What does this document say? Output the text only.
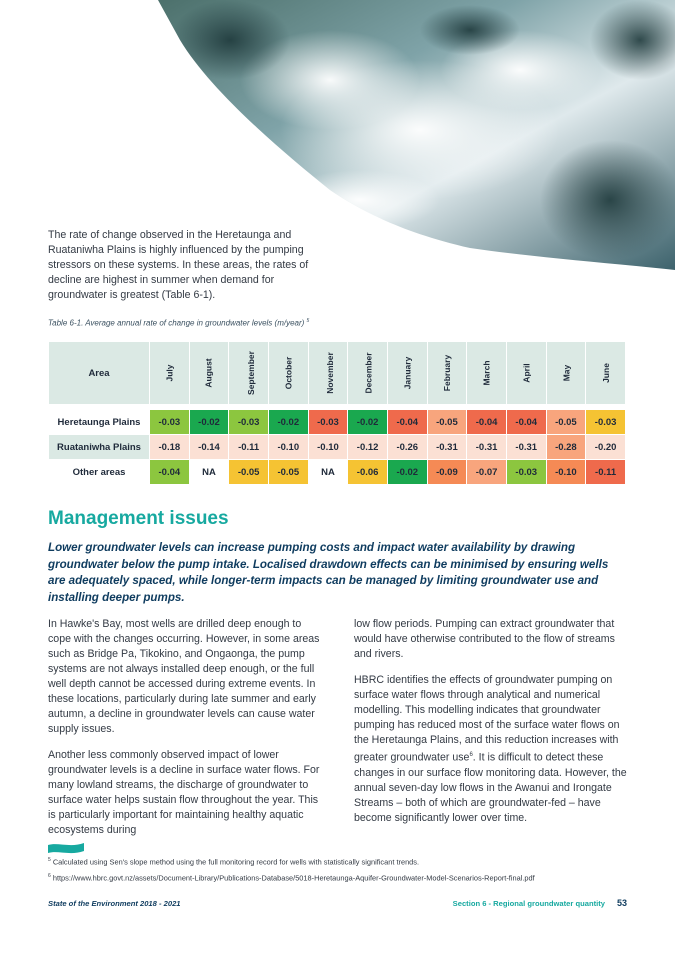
The rate of change observed in the Heretaunga and Ruataniwha Plains is highly influenced by the pumping stressors on these systems. In these areas, the rates of decline are highest in summer when demand for groundwater is greatest (Table 6-1).
Table 6-1. Average annual rate of change in groundwater levels (m/year) $^5$
Area	July	August	September	October	November	December	January	February	March	April	May	June

Heretaunga Plains	-0.03	-0.02	-0.03	-0.02	-0.03	-0.02	-0.04	-0.05	-0.04	-0.04	-0.05	-0.03
Ruataniwha Plains	-0.18	-0.14	-0.11	-0.10	-0.10	-0.12	-0.26	-0.31	-0.31	-0.31	-0.28	-0.20
Other areas	-0.04	NA	-0.05	-0.05	NA	-0.06	-0.02	-0.09	-0.07	-0.03	-0.10	-0.11
Management issues
Lower groundwater levels can increase pumping costs and impact water availability by drawing groundwater below the pump intake. Localised drawdown effects can be minimised by ensuring wells are adequately spaced, while longer-term impacts can be managed by limiting groundwater use and installing deeper pumps.

In Hawke's Bay, most wells are drilled deep enough to cope with the changes occurring. However, in some areas such as Bridge Pa, Tikokino, and Ongaonga, the pump systems are not always installed deep enough, or the full well depth cannot be accessed during extreme events. In these locations, particularly during late summer and early autumn, a decline in groundwater levels can cause water supply issues.

Another less commonly observed impact of lower groundwater levels is a decline in surface water flows. For many lowland streams, the discharge of groundwater to surface water helps sustain flow throughout the year. This is particularly important for maintaining healthy aquatic ecosystems during

low flow periods. Pumping can extract groundwater that would have otherwise contributed to the flow of streams and rivers.

HBRC identifies the effects of groundwater pumping on surface water flows through analytical and numerical modelling. This modelling indicates that groundwater pumping has reduced most of the surface water flows on the Heretaunga Plains, and this reduction increases with greater groundwater use$^6$. It is difficult to detect these changes in our surface flow monitoring data. However, the annual seven-day low flows in the Awanui and Irongate Streams – both of which are groundwater-fed – have become significantly lower over time.

$^5$ Calculated using Sen's slope method using the full monitoring record for wells with statistically significant trends.
$^6$ https://www.hbrc.govt.nz/assets/Document-Library/Publications-Database/5018-Heretaunga-Aquifer-Groundwater-Model-Scenarios-Report-final.pdf
State of the Environment 2018 - 2021	Section 6 - Regional groundwater quantity 53
